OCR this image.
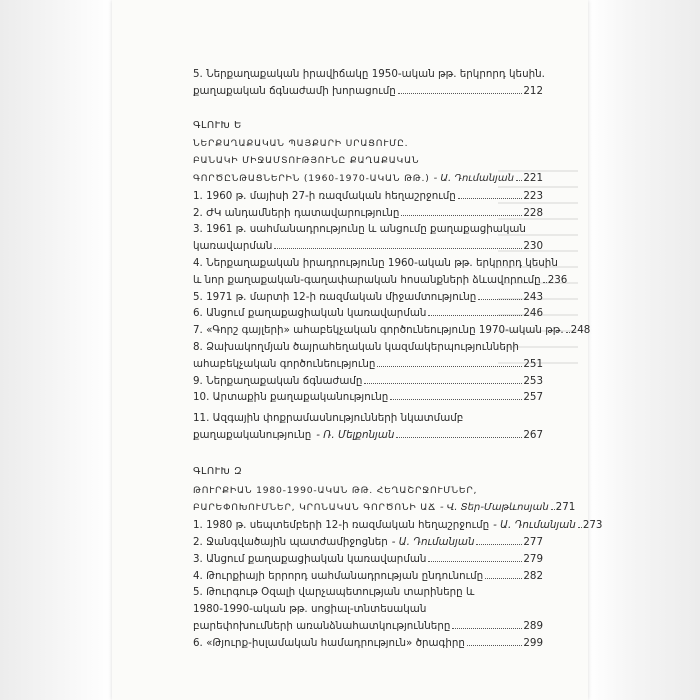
5. Ներքաղաքական իրավիճակը 1950-ական թթ. երկրորդ կեսին.
քաղաքական ճգնաժամի խորացումը	212
ԳԼՈՒԽ Ե
ՆԵՐՔԱՂԱՔԱԿԱՆ ՊԱՅՔԱՐԻ ՍՐԱՑՈՒՄԸ.
ԲԱՆԱԿԻ ՄԻՋԱՄՏՈՒԹՅՈՒՆԸ ՔԱՂԱՔԱԿԱՆ
ԳՈՐԾԸՆԹԱՑՆԵՐԻՆ (1960-1970-ԱԿԱՆ ԹԹ.) - Ա. Դումանյան 221
1. 1960 թ. մայիսի 27-ի ռազմական հեղաշրջումը	223
2. ԺԿ անդամների դատավարությունը	228
3. 1961 թ. սահմանադրությունը և անցումը քաղաքացիական
կառավարման	230
4. Ներքաղաքական իրադրությունը 1960-ական թթ. երկրորդ կեսին
և նոր քաղաքական-գաղափարական հոսանքների ձևավորումը 236
5. 1971 թ. մարտի 12-ի ռազմական միջամտությունը	243
6. Անցում քաղաքացիական կառավարման	246
7. «Գորշ գայլերի» ահաբեկչական գործունեությունը 1970-ական թթ. 248
8. Ձախակողմյան ծայրահեղական կազմակերպությունների
ահաբեկչական գործունեությունը	251
9. Ներքաղաքական ճգնաժամը	253
10. Արտաքին քաղաքականությունը	257
11. Ազգային փոքրամասնությունների նկատմամբ
քաղաքականությունը - Ռ. Մելքոնյան	267
ԳԼՈՒԽ Զ
ԹՈՒՐՔԻԱՆ 1980-1990-ԱԿԱՆ ԹԹ. ՀԵՂԱՇՐՋՈՒՄՆԵՐ,
ԲԱՐԵՓՈԽՈՒՄՆԵՐ, ԿՐՈՆԱԿԱՆ ԳՈՐԾՈՆԻ ԱՃ - Վ. Տեր-Մաթևոսյան 271
1. 1980 թ. սեպտեմբերի 12-ի ռազմական հեղաշրջումը - Ա. Դումանյան 273
2. Ջանգվածային պատժամիջոցներ - Ա. Դումանյան	277
3. Անցում քաղաքացիական կառավարման	279
4. Թուրքիայի երրորդ սահմանադրության ընդունումը	282
5. Թուրգութ Օզալի վարչապետության տարիները և
1980-1990-ական թթ. սոցիալ-տնտեսական
բարեփոխումների առանձնահատկությունները	289
6. «Թյուրք-իսլամական համադրություն» ծրագիրը	299
